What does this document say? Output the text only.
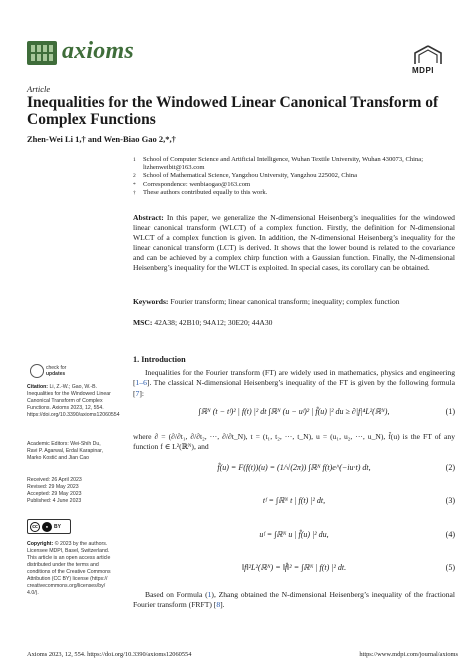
axioms
MDPI
Article
Inequalities for the Windowed Linear Canonical Transform of Complex Functions
Zhen-Wei Li 1,† and Wen-Biao Gao 2,*,†
1	School of Computer Science and Artificial Intelligence, Wuhan Textile University, Wuhan 430073, China; lizhenweibit@163.com
2	School of Mathematical Science, Yangzhou University, Yangzhou 225002, China
*	Correspondence: wenbiaogao@163.com
†	These authors contributed equally to this work.
Abstract: In this paper, we generalize the N-dimensional Heisenberg’s inequalities for the windowed linear canonical transform (WLCT) of a complex function. Firstly, the definition for N-dimensional WLCT of a complex function is given. In addition, the N-dimensional Heisenberg’s inequality for the linear canonical transform (LCT) is derived. It shows that the lower bound is related to the covariance and can be achieved by a complex chirp function with a Gaussian function. Finally, the N-dimensional Heisenberg’s inequality for the WLCT is exploited. In special cases, its corollary can be obtained.
Keywords: Fourier transform; linear canonical transform; inequality; complex function
MSC: 42A38; 42B10; 94A12; 30E20; 44A30
check for
updates
Citation: Li, Z.-W.; Gao, W.-B. Inequalities for the Windowed Linear Canonical Transform of Complex Functions. Axioms 2023, 12, 554. https://doi.org/10.3390/axioms12060554
Academic Editors: Wei-Shih Du, Ravi P. Agarwal, Erdal Karapinar, Marko Kostić and Jian Cao
Received: 26 April 2023
Revised: 29 May 2023
Accepted: 29 May 2023
Published: 4 June 2023
cc	●	BY
Copyright: © 2023 by the authors. Licensee MDPI, Basel, Switzerland. This article is an open access article distributed under the terms and conditions of the Creative Commons Attribution (CC BY) license (https:// creativecommons.org/licenses/by/ 4.0/).
1. Introduction
Inequalities for the Fourier transform (FT) are widely used in mathematics, physics and engineering [1–6]. The classical N-dimensional Heisenberg’s inequality of the FT is given by the following formula [7]:
∫ℝᴺ (t − tᶠ)² | f(t) |² dt ∫ℝᴺ (u − uᶠ)² | f̂(u) |² du ≥ ∂|f|⁴L²(ℝᴺ),	(1)
where ∂ = (∂/∂t₁, ∂/∂t₂, ···, ∂/∂t_N), t = (t₁, t₂, ···, t_N), u = (u₁, u₂, ···, u_N), f̂(u) is the FT of any function f ∈ L²(ℝᴺ), and
f̂(u) = F(f(t))(u) = (1/√(2π)) ∫ℝᴺ f(t)e^(−iu·t) dt,	(2)
tᶠ = ∫ℝᴺ t | f(t) |² dt,	(3)
uᶠ = ∫ℝᴺ u | f̂(u) |² du,	(4)
‖f‖²L²(ℝᴺ) = ‖f̂‖² = ∫ℝᴺ | f(t) |² dt.	(5)
Based on Formula (1), Zhang obtained the N-dimensional Heisenberg’s inequality of the fractional Fourier transform (FRFT) [8].
Axioms 2023, 12, 554. https://doi.org/10.3390/axioms12060554	https://www.mdpi.com/journal/axioms
